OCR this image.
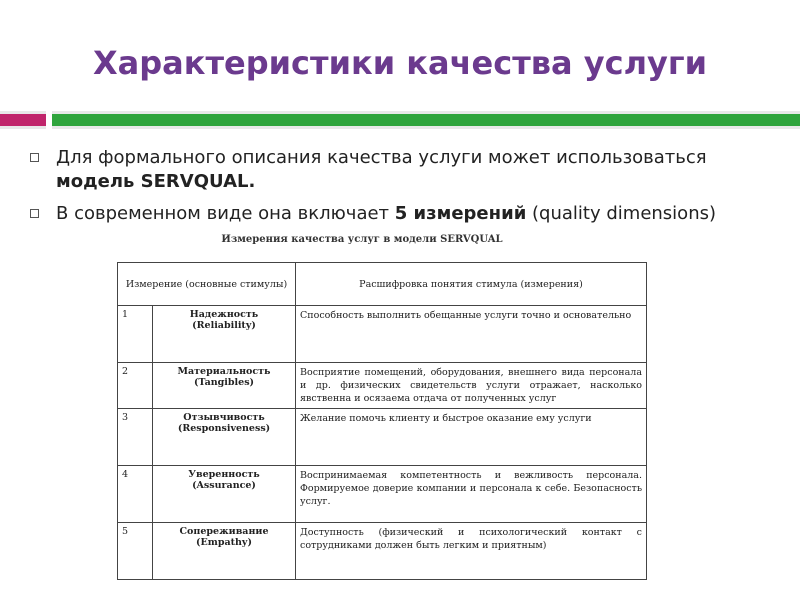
Характеристики качества услуги
Для формального описания качества услуги может использоваться модель SERVQUAL.
В современном виде она включает 5 измерений (quality dimensions)
Измерения качества услуг в модели SERVQUAL
Измерение (основные стимулы)		Расшифровка понятия стимула (измерения)
1	Надежность (Reliability)	Способность выполнить обещанные услуги точно и основательно
2	Материальность (Tangibles)	Восприятие помещений, оборудования, внешнего вида персонала и др. физических свидетельств услуги отражает, насколько явственна и осязаема отдача от полученных услуг
3	Отзывчивость (Responsiveness)	Желание помочь клиенту и быстрое оказание ему услуги
4	Уверенность (Assurance)	Воспринимаемая компетентность и вежливость персонала. Формируемое доверие компании и персонала к себе. Безопасность услуг.
5	Сопереживание (Empathy)	Доступность (физический и психологический контакт с сотрудниками должен быть легким и приятным)
